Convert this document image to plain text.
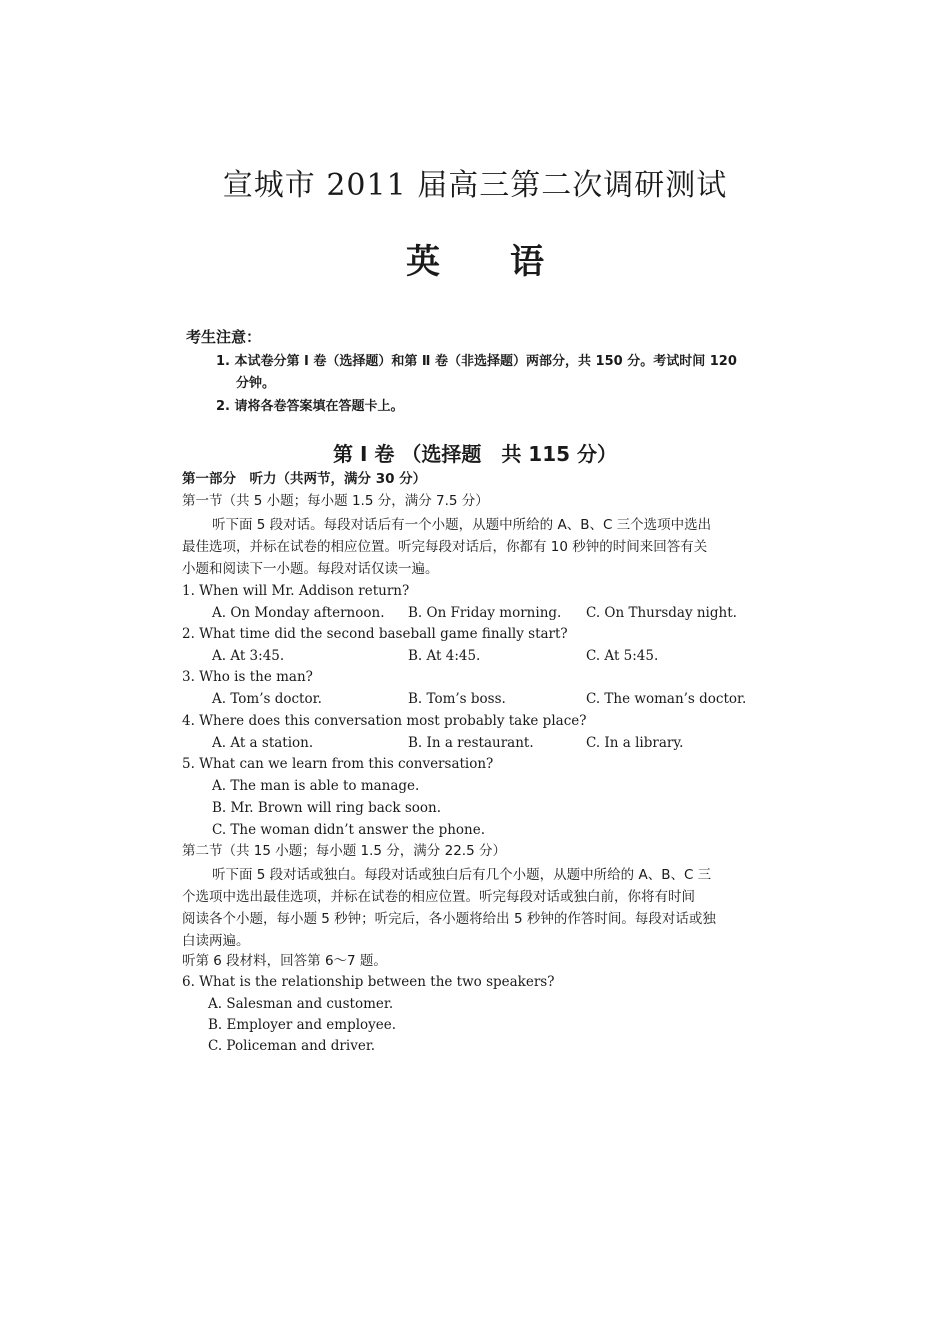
宣城市 2011 届高三第二次调研测试
英 语
考生注意：
1. 本试卷分第 Ⅰ 卷（选择题）和第 Ⅱ 卷（非选择题）两部分，共 150 分。考试时间 120
分钟。
2. 请将各卷答案填在答题卡上。
第 Ⅰ 卷 （选择题　共 115 分）
第一部分　听力（共两节，满分 30 分）
第一节（共 5 小题；每小题 1.5 分，满分 7.5 分）
听下面 5 段对话。每段对话后有一个小题，从题中所给的 A、B、C 三个选项中选出
最佳选项，并标在试卷的相应位置。听完每段对话后，你都有 10 秒钟的时间来回答有关
小题和阅读下一小题。每段对话仅读一遍。
1. When will Mr. Addison return?
A. On Monday afternoon. B. On Friday morning. C. On Thursday night.
2. What time did the second baseball game finally start?
A. At 3:45.	B. At 4:45.	C. At 5:45.
3. Who is the man?
A. Tom’s doctor.	B. Tom’s boss.	C. The woman’s doctor.
4. Where does this conversation most probably take place?
A. At a station.	B. In a restaurant.	C. In a library.
5. What can we learn from this conversation?
A. The man is able to manage.
B. Mr. Brown will ring back soon.
C. The woman didn’t answer the phone.
第二节（共 15 小题；每小题 1.5 分，满分 22.5 分）
听下面 5 段对话或独白。每段对话或独白后有几个小题，从题中所给的 A、B、C 三
个选项中选出最佳选项，并标在试卷的相应位置。听完每段对话或独白前，你将有时间
阅读各个小题，每小题 5 秒钟；听完后，各小题将给出 5 秒钟的作答时间。每段对话或独
白读两遍。
听第 6 段材料，回答第 6～7 题。
6. What is the relationship between the two speakers?
A. Salesman and customer.
B. Employer and employee.
C. Policeman and driver.
